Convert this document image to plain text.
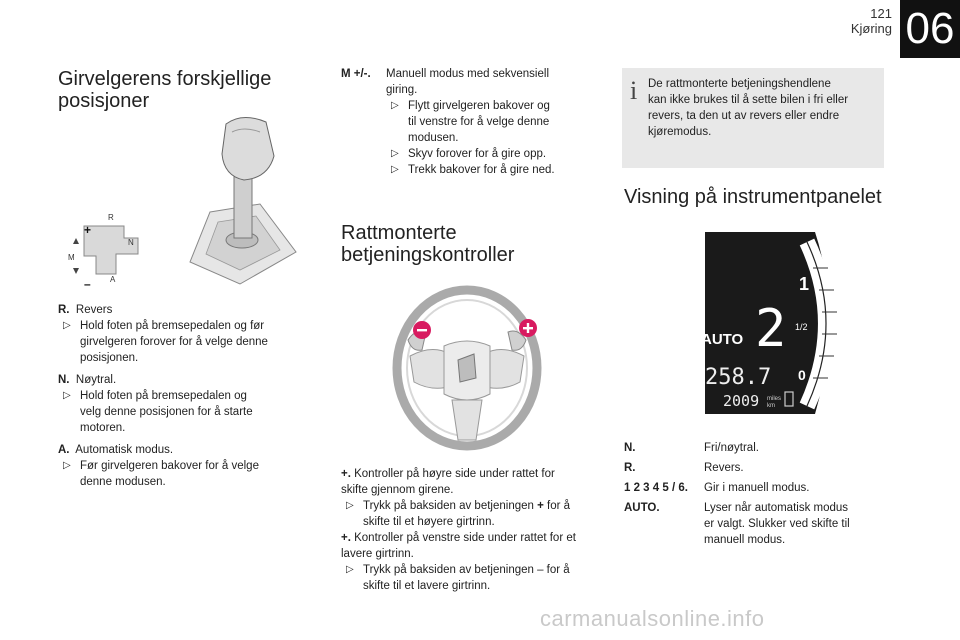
121
Kjøring 06
Girvelgerens forskjellige
posisjoner
R
N
A
M
+
–
R. Revers
▷ Hold foten på bremsepedalen og før
girvelgeren forover for å velge denne
posisjonen.
N. Nøytral.
▷ Hold foten på bremsepedalen og
velg denne posisjonen for å starte
motoren.
A. Automatisk modus.
▷ Før girvelgeren bakover for å velge
denne modusen.
M +/-.	Manuell modus med sekvensiell
giring.
▷ Flytt girvelgeren bakover og
til venstre for å velge denne
modusen.
▷ Skyv forover for å gire opp.
▷ Trekk bakover for å gire ned.
Rattmonterte
betjeningskontroller
+. Kontroller på høyre side under rattet for
skifte gjennom girene.
▷ Trykk på baksiden av betjeningen + for å
skifte til et høyere girtrinn.
+. Kontroller på venstre side under rattet for et
lavere girtrinn.
▷ Trykk på baksiden av betjeningen – for å
skifte til et lavere girtrinn.
i De rattmonterte betjeningshendlene
kan ikke brukes til å sette bilen i fri eller
revers, ta den ut av revers eller endre
kjøremodus.
Visning på instrumentpanelet
1
1/2
0
AUTO 2
258.7
2009 miles
km
N.	Fri/nøytral.
R.	Revers.
1 2 3 4 5 / 6.	Gir i manuell modus.
AUTO.	Lyser når automatisk modus
er valgt. Slukker ved skifte til
manuell modus.
carmanualsonline.info
